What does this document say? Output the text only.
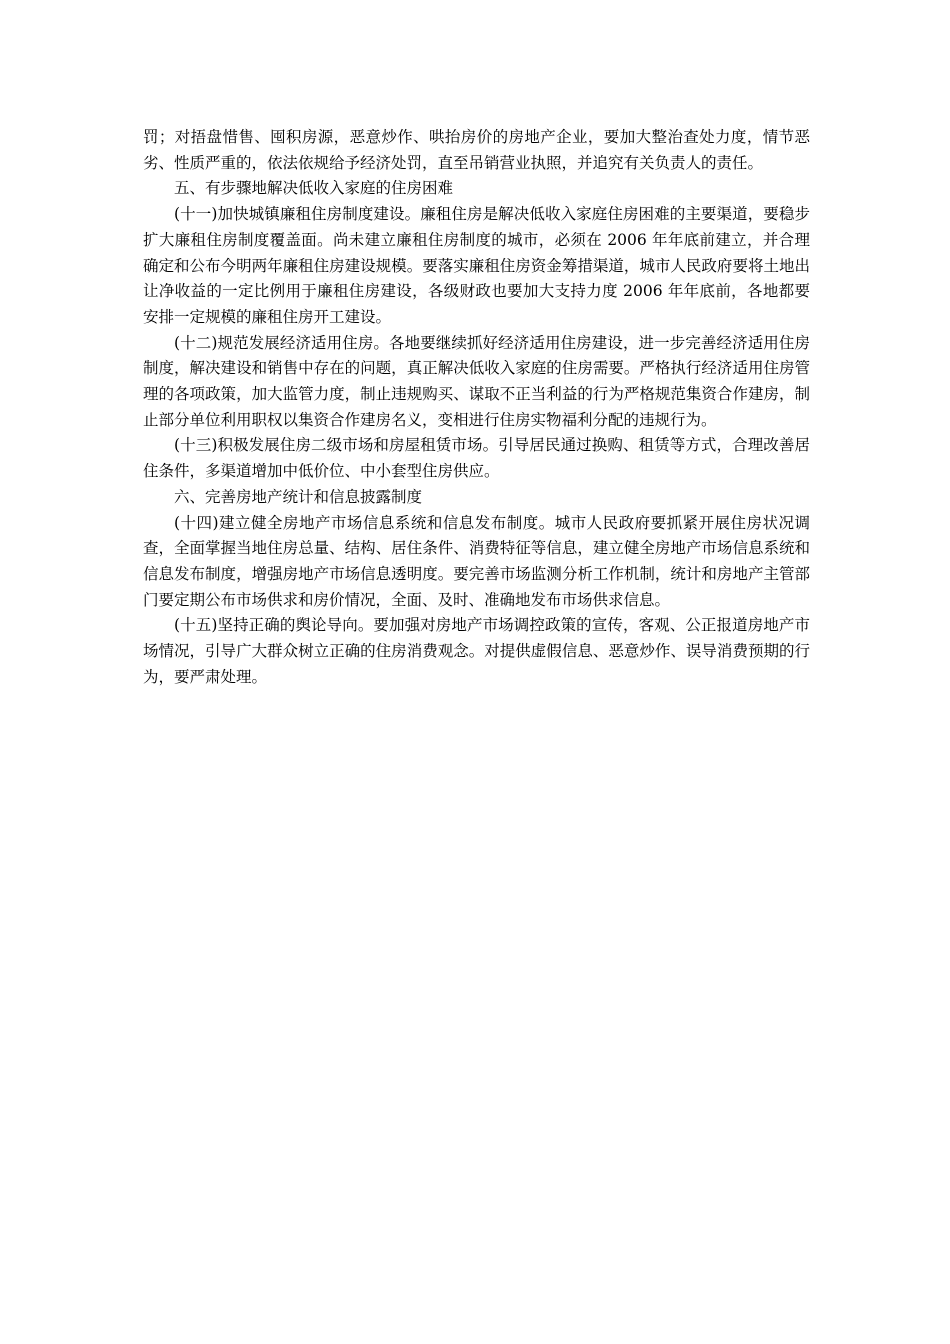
罚；对捂盘惜售、囤积房源，恶意炒作、哄抬房价的房地产企业，要加大整治查处力度，情节恶劣、性质严重的，依法依规给予经济处罚，直至吊销营业执照，并追究有关负责人的责任。

五、有步骤地解决低收入家庭的住房困难

(十一)加快城镇廉租住房制度建设。廉租住房是解决低收入家庭住房困难的主要渠道，要稳步扩大廉租住房制度覆盖面。尚未建立廉租住房制度的城市，必须在 2006 年年底前建立，并合理确定和公布今明两年廉租住房建设规模。要落实廉租住房资金筹措渠道，城市人民政府要将土地出让净收益的一定比例用于廉租住房建设，各级财政也要加大支持力度 2006 年年底前，各地都要安排一定规模的廉租住房开工建设。

(十二)规范发展经济适用住房。各地要继续抓好经济适用住房建设，进一步完善经济适用住房制度，解决建设和销售中存在的问题，真正解决低收入家庭的住房需要。严格执行经济适用住房管理的各项政策，加大监管力度，制止违规购买、谋取不正当利益的行为严格规范集资合作建房，制止部分单位利用职权以集资合作建房名义，变相进行住房实物福利分配的违规行为。

(十三)积极发展住房二级市场和房屋租赁市场。引导居民通过换购、租赁等方式，合理改善居住条件，多渠道增加中低价位、中小套型住房供应。

六、完善房地产统计和信息披露制度

(十四)建立健全房地产市场信息系统和信息发布制度。城市人民政府要抓紧开展住房状况调查，全面掌握当地住房总量、结构、居住条件、消费特征等信息，建立健全房地产市场信息系统和信息发布制度，增强房地产市场信息透明度。要完善市场监测分析工作机制，统计和房地产主管部门要定期公布市场供求和房价情况，全面、及时、准确地发布市场供求信息。

(十五)坚持正确的舆论导向。要加强对房地产市场调控政策的宣传，客观、公正报道房地产市场情况，引导广大群众树立正确的住房消费观念。对提供虚假信息、恶意炒作、误导消费预期的行为，要严肃处理。
